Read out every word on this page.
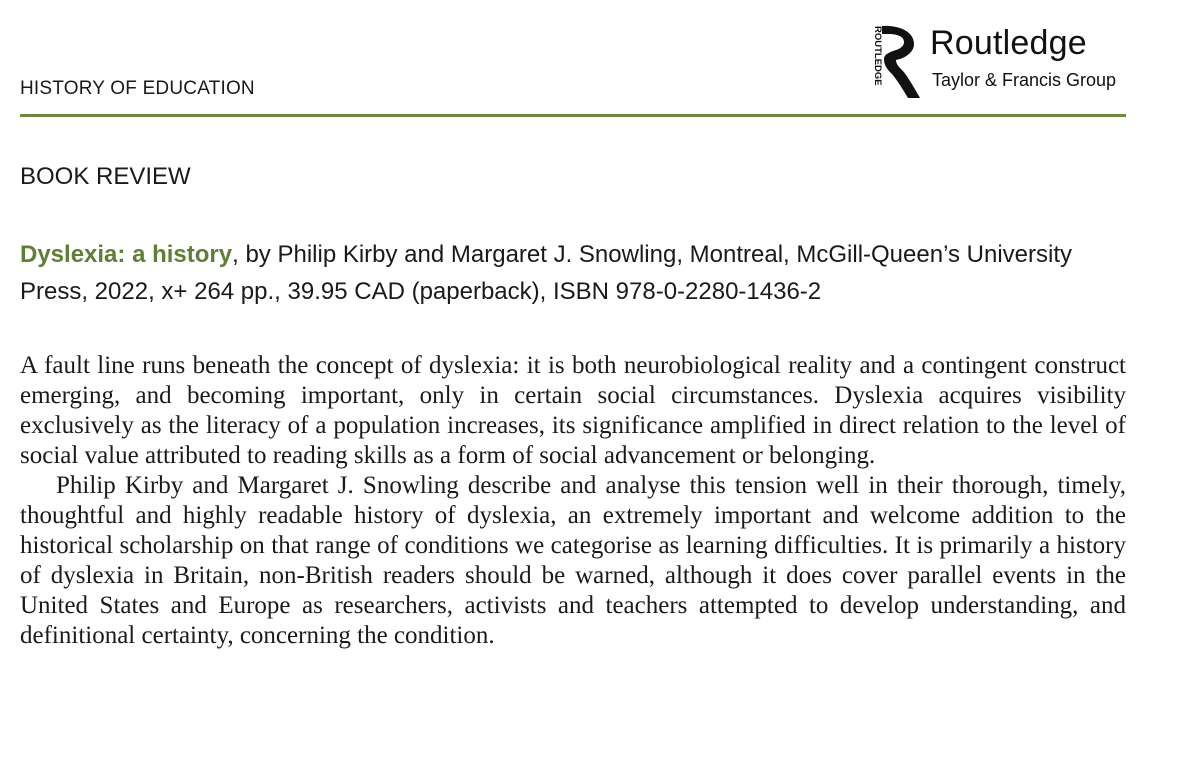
HISTORY OF EDUCATION
ROUTLEDGE Routledge
Taylor & Francis Group
BOOK REVIEW
Dyslexia: a history, by Philip Kirby and Margaret J. Snowling, Montreal, McGill-Queen’s University Press, 2022, x+ 264 pp., 39.95 CAD (paperback), ISBN 978-0-2280-1436-2

A fault line runs beneath the concept of dyslexia: it is both neurobiological reality and a contingent construct emerging, and becoming important, only in certain social circumstances. Dyslexia acquires visibility exclusively as the literacy of a population increases, its significance amplified in direct relation to the level of social value attributed to reading skills as a form of social advancement or belonging.

Philip Kirby and Margaret J. Snowling describe and analyse this tension well in their thorough, timely, thoughtful and highly readable history of dyslexia, an extremely important and welcome addition to the historical scholarship on that range of conditions we categorise as learning difficulties. It is primarily a history of dyslexia in Britain, non-British readers should be warned, although it does cover parallel events in the United States and Europe as researchers, activists and teachers attempted to develop understanding, and definitional certainty, concerning the condition.
